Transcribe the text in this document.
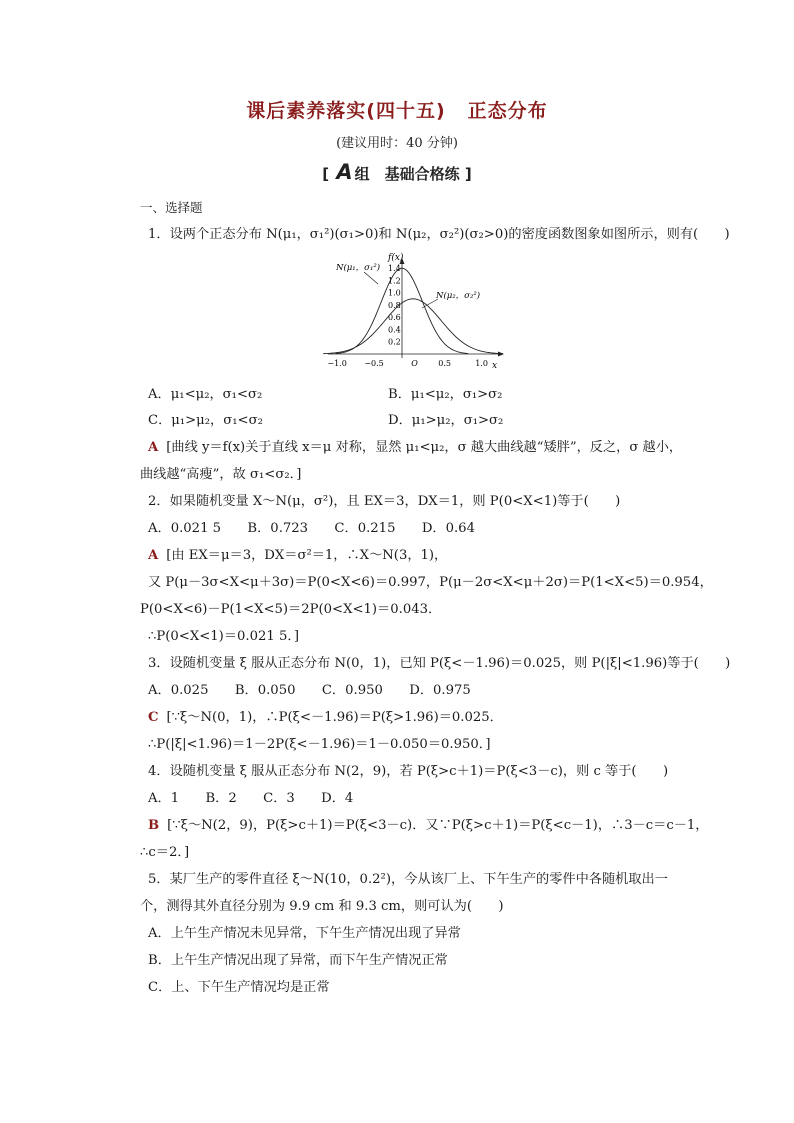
课后素养落实(四十五) 正态分布
(建议用时：40 分钟)
[ A 组　基础合格练 ]
一、选择题
1．设两个正态分布 N(μ₁，σ₁²)(σ₁>0)和 N(μ₂，σ₂²)(σ₂>0)的密度函数图象如图所示，则有(　　)
f(x)
x
1.4
1.2
1.0
0.8
0.6
0.4
0.2
−1.0 −0.5	O	0.5	1.0
N(μ₁，σ₁²)
N(μ₂，σ₂²)
A．μ₁<μ₂，σ₁<σ₂	B．μ₁<μ₂，σ₁>σ₂
C．μ₁>μ₂，σ₁<σ₂	D．μ₁>μ₂，σ₁>σ₂
A [曲线 y＝f(x)关于直线 x＝μ 对称，显然 μ₁<μ₂，σ 越大曲线越“矮胖”，反之，σ 越小，
曲线越“高瘦”，故 σ₁<σ₂．]
2．如果随机变量 X～N(μ，σ²)，且 EX＝3，DX＝1，则 P(0<X<1)等于(　　)
A．0.021 5　　B．0.723　　C．0.215　　D．0.64
A [由 EX＝μ＝3，DX＝σ²＝1，∴X～N(3，1)，
又 P(μ－3σ<X<μ＋3σ)＝P(0<X<6)＝0.997，P(μ－2σ<X<μ＋2σ)＝P(1<X<5)＝0.954，
P(0<X<6)－P(1<X<5)＝2P(0<X<1)＝0.043．
∴P(0<X<1)＝0.021 5．]
3．设随机变量 ξ 服从正态分布 N(0，1)，已知 P(ξ<－1.96)＝0.025，则 P(|ξ|<1.96)等于(　　)
A．0.025　　B．0.050　　C．0.950　　D．0.975
C [∵ξ～N(0，1)，∴P(ξ<－1.96)＝P(ξ>1.96)＝0.025．
∴P(|ξ|<1.96)＝1－2P(ξ<－1.96)＝1－0.050＝0.950．]
4．设随机变量 ξ 服从正态分布 N(2，9)，若 P(ξ>c＋1)＝P(ξ<3－c)，则 c 等于(　　)
A．1　　B．2　　C．3　　D．4
B [∵ξ～N(2，9)，P(ξ>c＋1)＝P(ξ<3－c)．又∵P(ξ>c＋1)＝P(ξ<c－1)，∴3－c＝c－1，
∴c＝2．]
5．某厂生产的零件直径 ξ～N(10，0.2²)，今从该厂上、下午生产的零件中各随机取出一
个，测得其外直径分别为 9.9 cm 和 9.3 cm，则可认为(　　)
A．上午生产情况未见异常，下午生产情况出现了异常
B．上午生产情况出现了异常，而下午生产情况正常
C．上、下午生产情况均是正常
